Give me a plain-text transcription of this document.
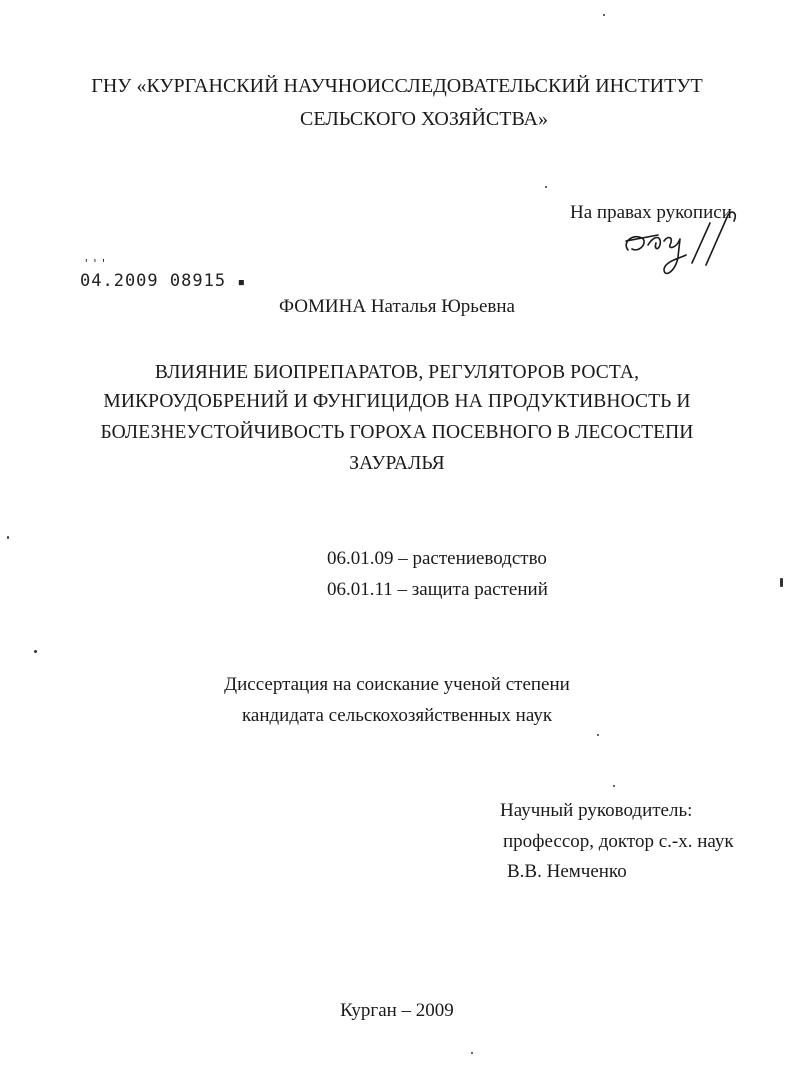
ГНУ «КУРГАНСКИЙ НАУЧНОИССЛЕДОВАТЕЛЬСКИЙ ИНСТИТУТ
СЕЛЬСКОГО ХОЗЯЙСТВА»
На правах рукописи
'''
04.2009 08915 ▪
ФОМИНА Наталья Юрьевна
ВЛИЯНИЕ БИОПРЕПАРАТОВ, РЕГУЛЯТОРОВ РОСТА,
МИКРОУДОБРЕНИЙ И ФУНГИЦИДОВ НА ПРОДУКТИВНОСТЬ И
БОЛЕЗНЕУСТОЙЧИВОСТЬ ГОРОХА ПОСЕВНОГО В ЛЕСОСТЕПИ
ЗАУРАЛЬЯ
06.01.09 – растениеводство
06.01.11 – защита растений
Диссертация на соискание ученой степени
кандидата сельскохозяйственных наук
Научный руководитель:
профессор, доктор с.-х. наук
В.В. Немченко
Курган – 2009
